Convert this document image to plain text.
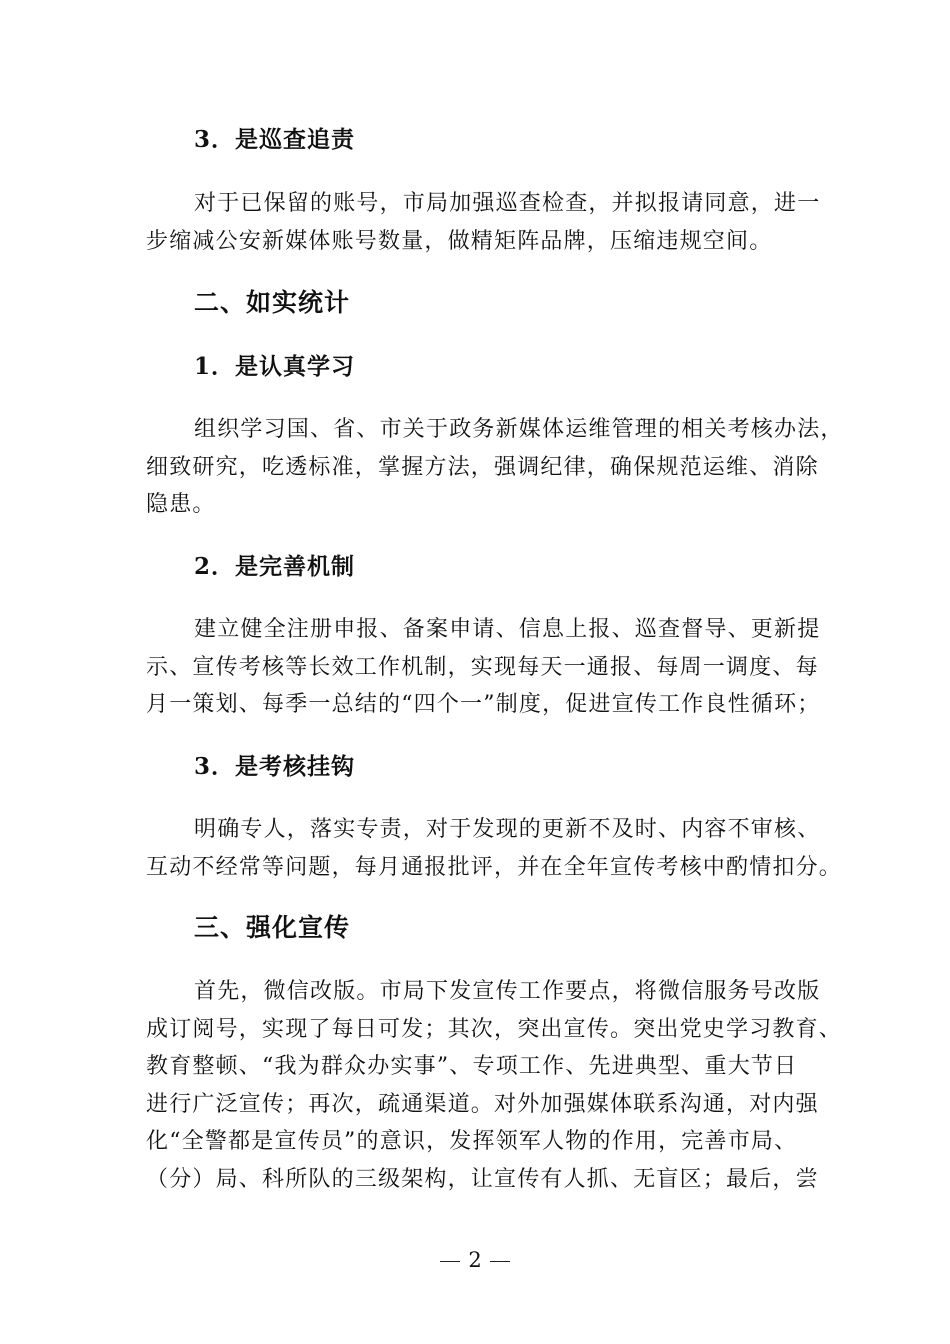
3．是巡查追责
对于已保留的账号，市局加强巡查检查，并拟报请同意，进一
步缩减公安新媒体账号数量，做精矩阵品牌，压缩违规空间。
二、如实统计
1．是认真学习
组织学习国、省、市关于政务新媒体运维管理的相关考核办法，
细致研究，吃透标准，掌握方法，强调纪律，确保规范运维、消除
隐患。
2．是完善机制
建立健全注册申报、备案申请、信息上报、巡查督导、更新提
示、宣传考核等长效工作机制，实现每天一通报、每周一调度、每
月一策划、每季一总结的“四个一”制度，促进宣传工作良性循环；
3．是考核挂钩
明确专人，落实专责，对于发现的更新不及时、内容不审核、
互动不经常等问题，每月通报批评，并在全年宣传考核中酌情扣分。
三、强化宣传
首先，微信改版。市局下发宣传工作要点，将微信服务号改版
成订阅号，实现了每日可发；其次，突出宣传。突出党史学习教育、
教育整顿、“我为群众办实事”、专项工作、先进典型、重大节日
进行广泛宣传；再次，疏通渠道。对外加强媒体联系沟通，对内强
化“全警都是宣传员”的意识，发挥领军人物的作用，完善市局、
（分）局、科所队的三级架构，让宣传有人抓、无盲区；最后，尝
2
